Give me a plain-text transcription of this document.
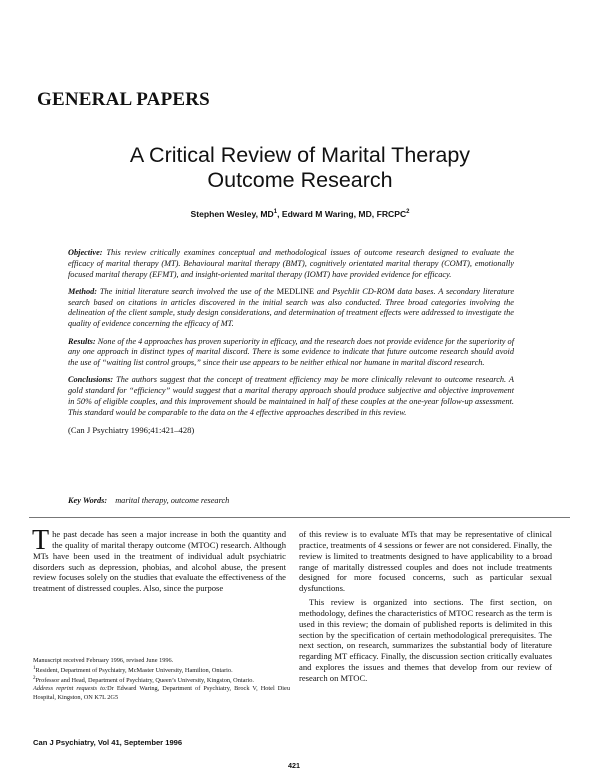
GENERAL PAPERS
A Critical Review of Marital Therapy
Outcome Research
Stephen Wesley, $MD^1$, Edward M Waring, MD, FRCPC$^2$

Objective: This review critically examines conceptual and methodological issues of outcome research designed to evaluate the efficacy of marital therapy (MT). Behavioural marital therapy (BMT), cognitively orientated marital therapy (COMT), emotionally focused marital therapy (EFMT), and insight-oriented marital therapy (IOMT) have provided evidence for efficacy.

Method: The initial literature search involved the use of the MEDLINE and PsychIit CD-ROM data bases. A secondary literature search based on citations in articles discovered in the initial search was also conducted. Three broad categories involving the delineation of the client sample, study design considerations, and determination of treatment effects were addressed to investigate the quality of evidence concerning the efficacy of MT.

Results: None of the 4 approaches has proven superiority in efficacy, and the research does not provide evidence for the superiority of any one approach in distinct types of marital discord. There is some evidence to indicate that future outcome research should avoid the use of “waiting list control groups,” since their use appears to be neither ethical nor humane in marital discord research.

Conclusions: The authors suggest that the concept of treatment efficiency may be more clinically relevant to outcome research. A gold standard for “efficiency” would suggest that a marital therapy approach should produce subjective and objective improvement in 50% of eligible couples, and this improvement should be maintained in half of these couples at the one-year follow-up assessment. This standard would be comparable to the data on the 4 effective approaches described in this review.

(Can J Psychiatry 1996;41:421–428)
Key Words: marital therapy, outcome research

The past decade has seen a major increase in both the quantity and the quality of marital therapy outcome (MTOC) research. Although MTs have been used in the treatment of individual adult psychiatric disorders such as depression, phobias, and alcohol abuse, the present review focuses solely on the studies that evaluate the effectiveness of the treatment of distressed couples. Also, since the purpose

of this review is to evaluate MTs that may be representative of clinical practice, treatments of 4 sessions or fewer are not considered. Finally, the review is limited to treatments designed to have applicability to a broad range of maritally distressed couples and does not include treatments designed for more focused concerns, such as particular sexual dysfunctions.

This review is organized into sections. The first section, on methodology, defines the characteristics of MTOC research as the term is used in this review; the domain of published reports is delimited in this section by the specification of certain methodological prerequisites. The next section, on research, summarizes the substantial body of literature regarding MT efficacy. Finally, the discussion section critically evaluates and explores the issues and themes that develop from our review of research on MTOC.

Manuscript received February 1996, revised June 1996.

$^1$Resident, Department of Psychiatry, McMaster University, Hamilton, Ontario.

$^2$Professor and Head, Department of Psychiatry, Queen’s University, Kingston, Ontario.

Address reprint requests to:Dr Edward Waring, Department of Psychiatry, Brock V, Hotel Dieu Hospital, Kingston, ON K7L 2G5

Can J Psychiatry, Vol 41, September 1996
421
